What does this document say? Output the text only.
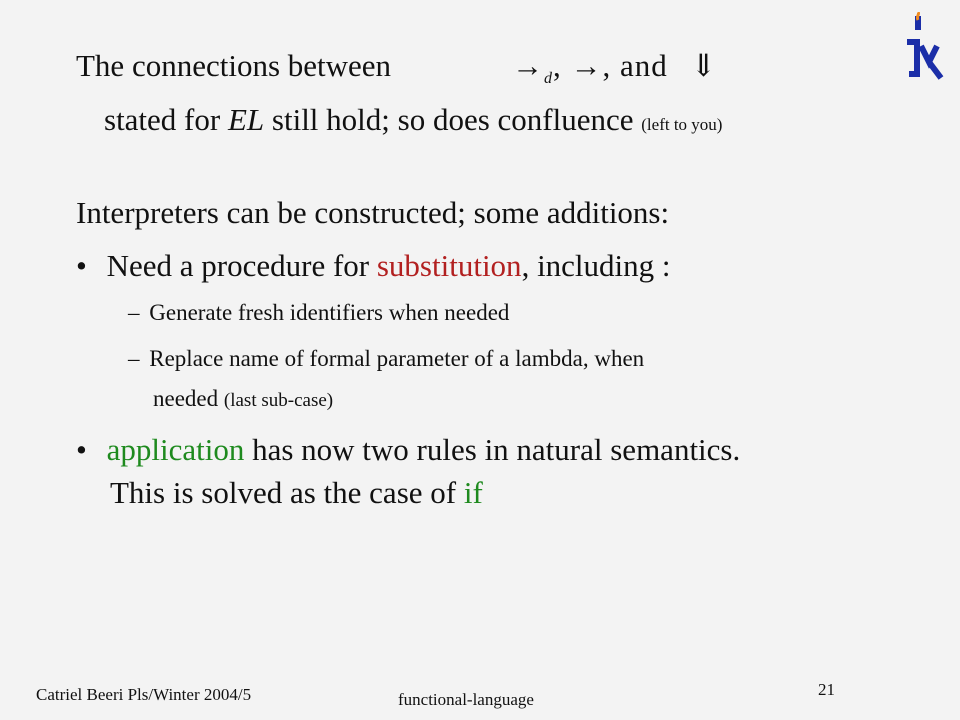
The connections between	$\to_d$, →, and ⇓
stated for EL still hold; so does confluence (left to you)
Interpreters can be constructed; some additions:
• Need a procedure for substitution, including :
– Generate fresh identifiers when needed
– Replace name of formal parameter of a lambda, when
needed (last sub-case)
• application has now two rules in natural semantics.
This is solved as the case of if
Catriel Beeri Pls/Winter 2004/5	functional-language
21
